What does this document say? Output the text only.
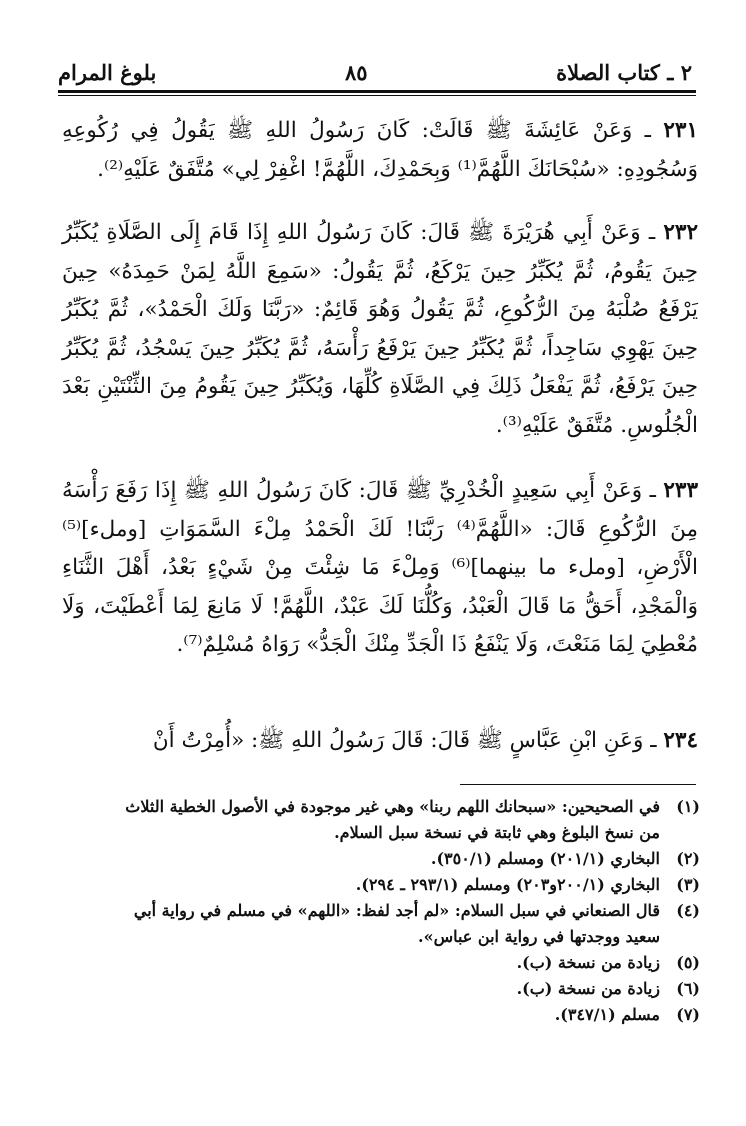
بلوغ المرام	٨٥	٢ ـ كتاب الصلاة

٢٣١ ـ وَعَنْ عَائِشَةَ ﷺ قَالَتْ: كَانَ رَسُولُ اللهِ ﷺ يَقُولُ فِي رُكُوعِهِ وَسُجُودِهِ: «سُبْحَانَكَ اللَّهُمَّ⁽¹⁾ وَبِحَمْدِكَ، اللَّهُمَّ! اغْفِرْ لِي» مُتَّفَقٌ عَلَيْهِ⁽²⁾.

٢٣٢ ـ وَعَنْ أَبِي هُرَيْرَةَ ﷺ قَالَ: كَانَ رَسُولُ اللهِ إِذَا قَامَ إِلَى الصَّلَاةِ يُكَبِّرُ حِينَ يَقُومُ، ثُمَّ يُكَبِّرُ حِينَ يَرْكَعُ، ثُمَّ يَقُولُ: «سَمِعَ اللَّهُ لِمَنْ حَمِدَهُ» حِينَ يَرْفَعُ صُلْبَهُ مِنَ الرُّكُوعِ، ثُمَّ يَقُولُ وَهُوَ قَائِمٌ: «رَبَّنَا وَلَكَ الْحَمْدُ»، ثُمَّ يُكَبِّرُ حِينَ يَهْوِي سَاجِداً، ثُمَّ يُكَبِّرُ حِينَ يَرْفَعُ رَأْسَهُ، ثُمَّ يُكَبِّرُ حِينَ يَسْجُدُ، ثُمَّ يُكَبِّرُ حِينَ يَرْفَعُ، ثُمَّ يَفْعَلُ ذَلِكَ فِي الصَّلَاةِ كُلِّهَا، وَيُكَبِّرُ حِينَ يَقُومُ مِنَ الثِّنْتَيْنِ بَعْدَ الْجُلُوسِ. مُتَّفَقٌ عَلَيْهِ⁽³⁾.

٢٣٣ ـ وَعَنْ أَبِي سَعِيدٍ الْخُدْرِيِّ ﷺ قَالَ: كَانَ رَسُولُ اللهِ ﷺ إِذَا رَفَعَ رَأْسَهُ مِنَ الرُّكُوعِ قَالَ: «اللَّهُمَّ⁽⁴⁾ رَبَّنَا! لَكَ الْحَمْدُ مِلْءَ السَّمَوَاتِ [وملء]⁽⁵⁾ الْأَرْضِ، [وملء ما بينهما]⁽⁶⁾ وَمِلْءَ مَا شِئْتَ مِنْ شَيْءٍ بَعْدُ، أَهْلَ الثَّنَاءِ وَالْمَجْدِ، أَحَقُّ مَا قَالَ الْعَبْدُ، وَكُلُّنَا لَكَ عَبْدٌ، اللَّهُمَّ! لَا مَانِعَ لِمَا أَعْطَيْتَ، وَلَا مُعْطِيَ لِمَا مَنَعْتَ، وَلَا يَنْفَعُ ذَا الْجَدِّ مِنْكَ الْجَدُّ» رَوَاهُ مُسْلِمٌ⁽⁷⁾.

٢٣٤ ـ وَعَنِ ابْنِ عَبَّاسٍ ﷺ قَالَ: قَالَ رَسُولُ اللهِ ﷺ: «أُمِرْتُ أَنْ

(١)
في الصحيحين: «سبحانك اللهم ربنا» وهي غير موجودة في الأصول الخطية الثلاث من نسخ البلوغ وهي ثابتة في نسخة سبل السلام.
(٢)
البخاري (٢٠١/١) ومسلم (٣٥٠/١).
(٣)
البخاري (٢٠٠/١و٢٠٣) ومسلم (٢٩٣/١ ـ ٢٩٤).
(٤)
قال الصنعاني في سبل السلام: «لم أجد لفظ: «اللهم» في مسلم في رواية أبي سعيد ووجدتها في رواية ابن عباس».
(٥)
زيادة من نسخة (ب).
(٦)
زيادة من نسخة (ب).
(٧)
مسلم (٣٤٧/١).
